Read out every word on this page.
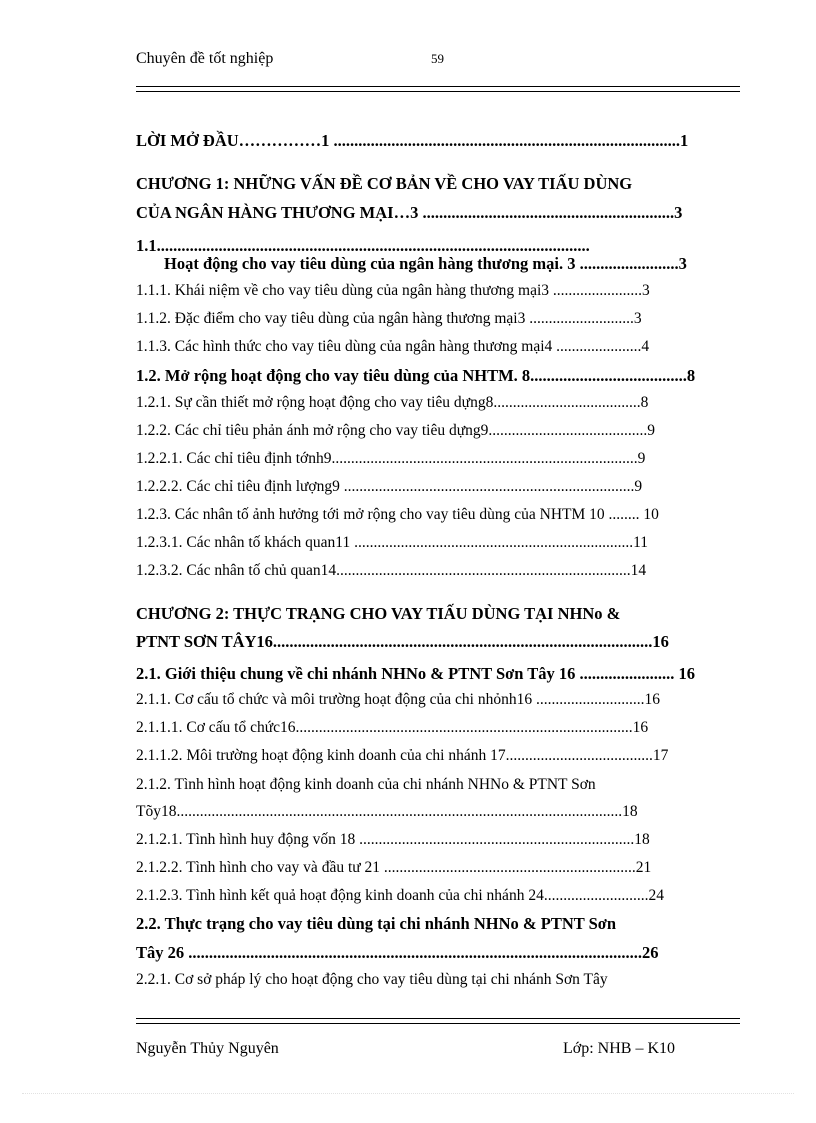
Chuyên đề tốt nghiệp	59
LỜI MỞ ĐẦU……………1 ....................................................................................1
CHƯƠNG 1: NHỮNG VẤN ĐỀ CƠ BẢN VỀ CHO VAY TIẤU DÙNG
CỦA NGÂN HÀNG THƯƠNG MẠI…3 .............................................................3
1.1.........................................................................................................
Hoạt động cho vay tiêu dùng của ngân hàng thương mại. 3 ........................3
1.1.1. Khái niệm về cho vay tiêu dùng của ngân hàng thương mại3 .......................3
1.1.2. Đặc điểm cho vay tiêu dùng của ngân hàng thương mại3 ...........................3
1.1.3. Các hình thức cho vay tiêu dùng của ngân hàng thương mại4 ......................4
1.2. Mở rộng hoạt động cho vay tiêu dùng của NHTM. 8......................................8
1.2.1. Sự cần thiết mở rộng hoạt động cho vay tiêu dựng8......................................8
1.2.2. Các chỉ tiêu phản ánh mở rộng cho vay tiêu dựng9.........................................9
1.2.2.1. Các chỉ tiêu định tớnh9...............................................................................9
1.2.2.2. Các chỉ tiêu định lượng9 ...........................................................................9
1.2.3. Các nhân tố ảnh hưởng tới mở rộng cho vay tiêu dùng của NHTM 10 ........ 10
1.2.3.1. Các nhân tố khách quan11 ........................................................................11
1.2.3.2. Các nhân tố chủ quan14............................................................................14
CHƯƠNG 2: THỰC TRẠNG CHO VAY TIẤU DÙNG TẠI NHNo &
PTNT SƠN TÂY16............................................................................................16
2.1. Giới thiệu chung về chi nhánh NHNo & PTNT Sơn Tây 16 ....................... 16
2.1.1. Cơ cấu tổ chức và môi trường hoạt động của chi nhỏnh16 ............................16
2.1.1.1. Cơ cấu tổ chức16.......................................................................................16
2.1.1.2. Môi trường hoạt động kinh doanh của chi nhánh 17......................................17
2.1.2. Tình hình hoạt động kinh doanh của chi nhánh NHNo & PTNT Sơn
Tõy18...................................................................................................................18
2.1.2.1. Tình hình huy động vốn 18 .......................................................................18
2.1.2.2. Tình hình cho vay và đầu tư 21 .................................................................21
2.1.2.3. Tình hình kết quả hoạt động kinh doanh của chi nhánh 24...........................24
2.2. Thực trạng cho vay tiêu dùng tại chi nhánh NHNo & PTNT Sơn
Tây 26 ..............................................................................................................26
2.2.1. Cơ sở pháp lý cho hoạt động cho vay tiêu dùng tại chi nhánh Sơn Tây
Nguyễn Thủy Nguyên	Lớp: NHB – K10
